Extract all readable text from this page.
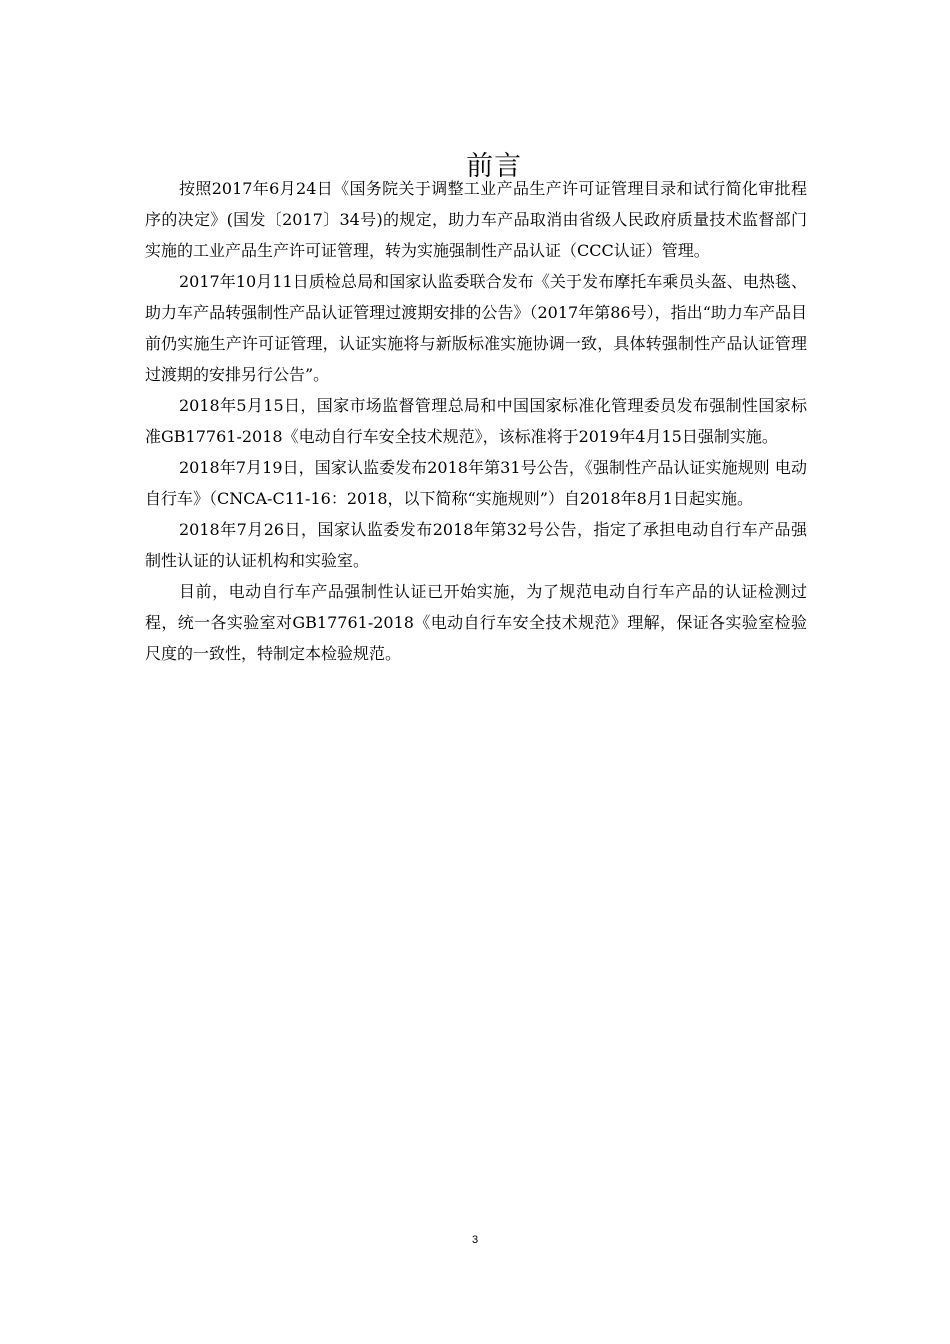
前言

按照2017年6月24日《国务院关于调整工业产品生产许可证管理目录和试行简化审批程序的决定》(国发〔2017〕34号)的规定，助力车产品取消由省级人民政府质量技术监督部门实施的工业产品生产许可证管理，转为实施强制性产品认证（CCC认证）管理。

2017年10月11日质检总局和国家认监委联合发布《关于发布摩托车乘员头盔、电热毯、助力车产品转强制性产品认证管理过渡期安排的公告》（2017年第86号），指出“助力车产品目前仍实施生产许可证管理，认证实施将与新版标准实施协调一致，具体转强制性产品认证管理过渡期的安排另行公告”。

2018年5月15日，国家市场监督管理总局和中国国家标准化管理委员发布强制性国家标准GB17761-2018《电动自行车安全技术规范》，该标准将于2019年4月15日强制实施。

2018年7月19日，国家认监委发布2018年第31号公告，《强制性产品认证实施规则 电动自行车》（CNCA-C11-16：2018，以下简称“实施规则”）自2018年8月1日起实施。

2018年7月26日，国家认监委发布2018年第32号公告，指定了承担电动自行车产品强制性认证的认证机构和实验室。

目前，电动自行车产品强制性认证已开始实施，为了规范电动自行车产品的认证检测过程，统一各实验室对GB17761-2018《电动自行车安全技术规范》理解，保证各实验室检验尺度的一致性，特制定本检验规范。

3
